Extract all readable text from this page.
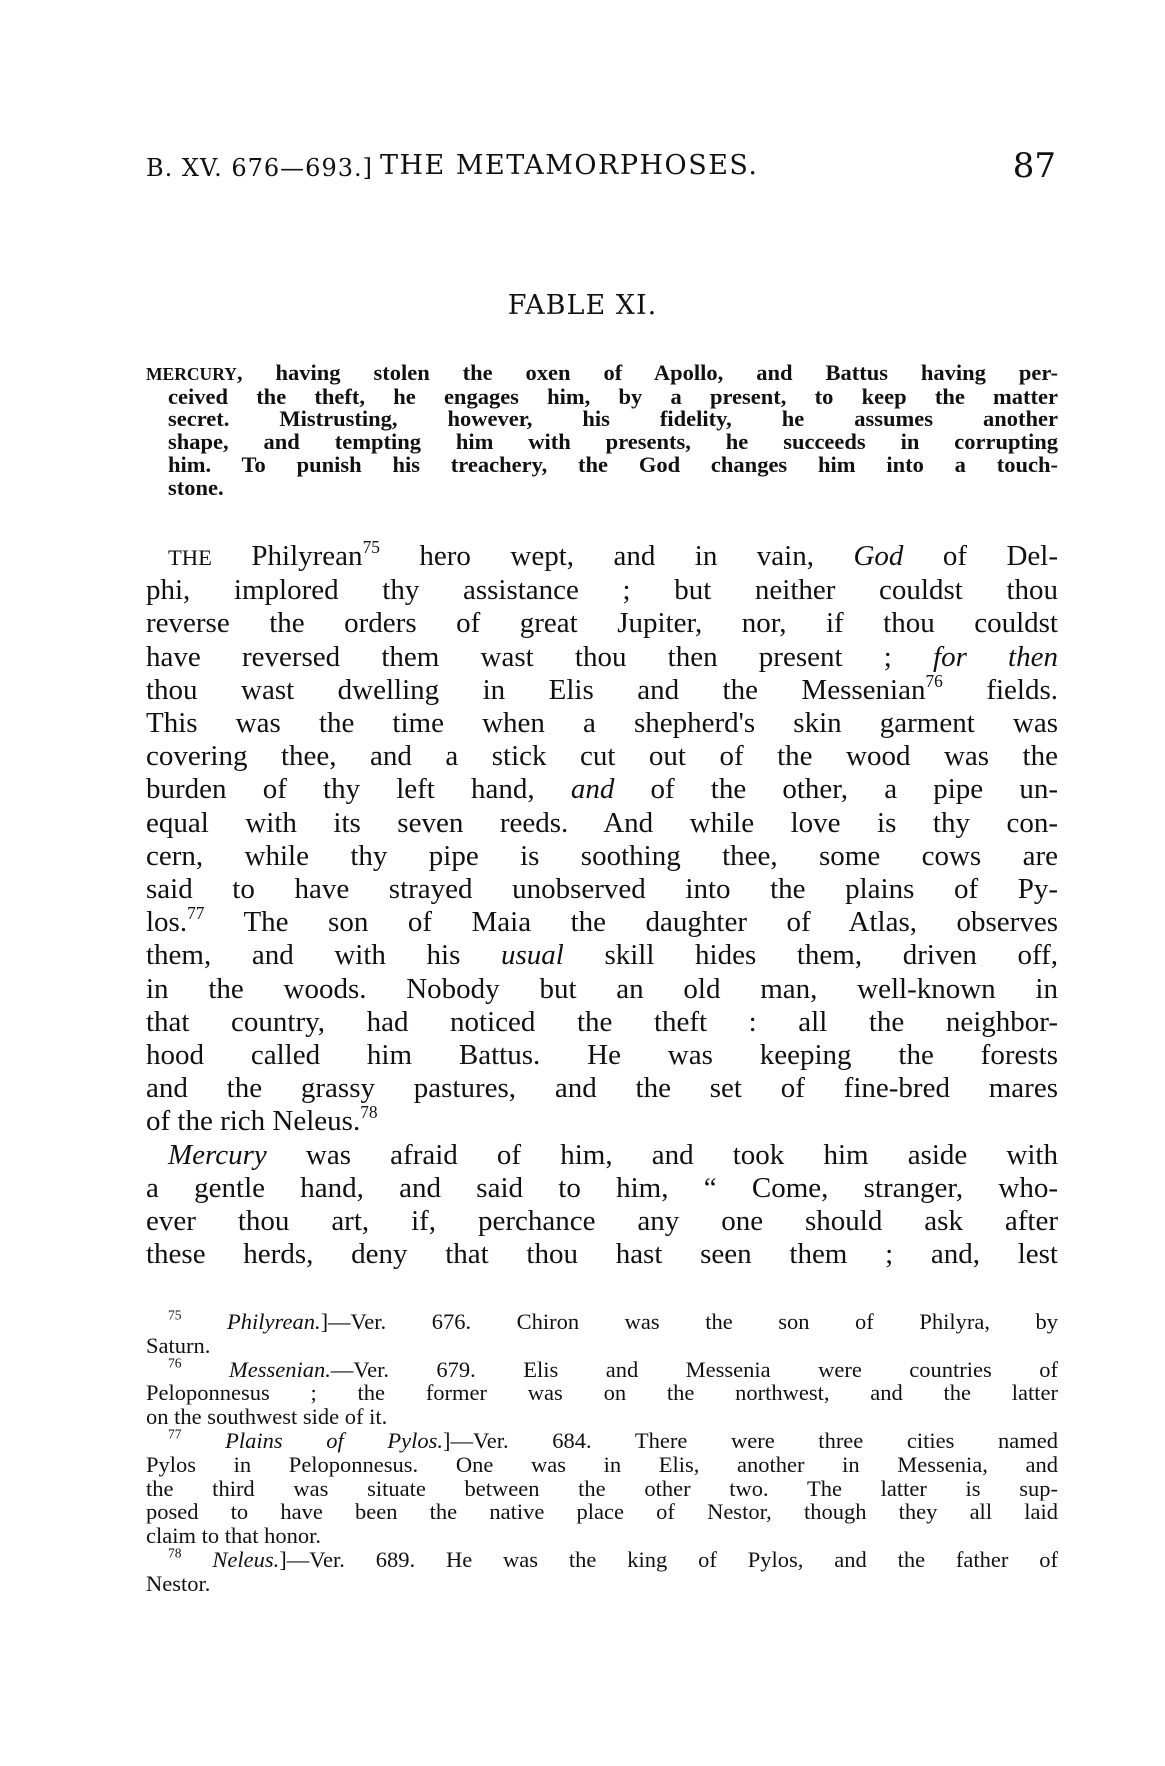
B. XV. 676—693.] THE METAMORPHOSES.	87
FABLE XI.
MERCURY, having stolen the oxen of Apollo, and Battus having per-
ceived the theft, he engages him, by a present, to keep the matter
secret. Mistrusting, however, his fidelity, he assumes another
shape, and tempting him with presents, he succeeds in corrupting
him. To punish his treachery, the God changes him into a touch-
stone.
THE Philyrean$^{75}$ hero wept, and in vain, God of Del-
phi, implored thy assistance ; but neither couldst thou
reverse the orders of great Jupiter, nor, if thou couldst
have reversed them wast thou then present ; for then
thou wast dwelling in Elis and the Messenian$^{76}$ fields.
This was the time when a shepherd's skin garment was
covering thee, and a stick cut out of the wood was the
burden of thy left hand, and of the other, a pipe un-
equal with its seven reeds. And while love is thy con-
cern, while thy pipe is soothing thee, some cows are
said to have strayed unobserved into the plains of Py-
los.$^{77}$ The son of Maia the daughter of Atlas, observes
them, and with his usual skill hides them, driven off,
in the woods. Nobody but an old man, well-known in
that country, had noticed the theft : all the neighbor-
hood called him Battus. He was keeping the forests
and the grassy pastures, and the set of fine-bred mares
of the rich Neleus.$^{78}$
Mercury was afraid of him, and took him aside with
a gentle hand, and said to him, “ Come, stranger, who-
ever thou art, if, perchance any one should ask after
these herds, deny that thou hast seen them ; and, lest
$^{75}$ Philyrean.]—Ver. 676. Chiron was the son of Philyra, by
Saturn.
$^{76}$ Messenian.—Ver. 679. Elis and Messenia were countries of
Peloponnesus ; the former was on the northwest, and the latter
on the southwest side of it.
$^{77}$ Plains of Pylos.]—Ver. 684. There were three cities named
Pylos in Peloponnesus. One was in Elis, another in Messenia, and
the third was situate between the other two. The latter is sup-
posed to have been the native place of Nestor, though they all laid
claim to that honor.
$^{78}$ Neleus.]—Ver. 689. He was the king of Pylos, and the father of
Nestor.
